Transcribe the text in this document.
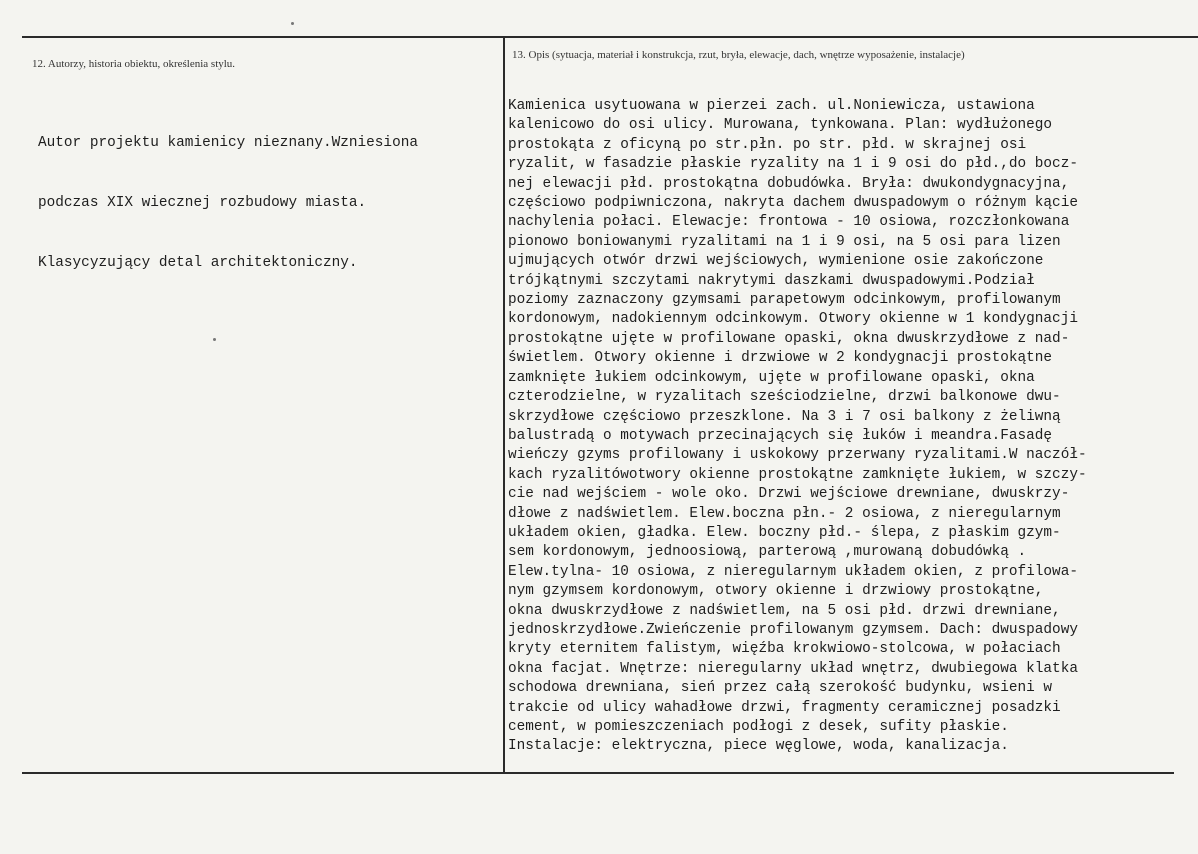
12. Autorzy, historia obiektu, określenia stylu.
13. Opis (sytuacja, materiał i konstrukcja, rzut, bryła, elewacje, dach, wnętrze wyposażenie, instalacje)

Autor projektu kamienicy nieznany.Wzniesiona

podczas XIX wiecznej rozbudowy miasta.

Klasycyzujący detal architektoniczny.

Kamienica usytuowana w pierzei zach. ul.Noniewicza, ustawiona
kalenicowo do osi ulicy. Murowana, tynkowana. Plan: wydłużonego
prostokąta z oficyną po str.płn. po str. płd. w skrajnej osi
ryzalit, w fasadzie płaskie ryzality na 1 i 9 osi do płd.,do bocz-
nej elewacji płd. prostokątna dobudówka. Bryła: dwukondygnacyjna,
częściowo podpiwniczona, nakryta dachem dwuspadowym o różnym kącie
nachylenia połaci. Elewacje: frontowa - 10 osiowa, rozczłonkowana
pionowo boniowanymi ryzalitami na 1 i 9 osi, na 5 osi para lizen
ujmujących otwór drzwi wejściowych, wymienione osie zakończone
trójkątnymi szczytami nakrytymi daszkami dwuspadowymi.Podział
poziomy zaznaczony gzymsami parapetowym odcinkowym, profilowanym
kordonowym, nadokiennym odcinkowym. Otwory okienne w 1 kondygnacji
prostokątne ujęte w profilowane opaski, okna dwuskrzydłowe z nad-
świetlem. Otwory okienne i drzwiowe w 2 kondygnacji prostokątne
zamknięte łukiem odcinkowym, ujęte w profilowane opaski, okna
czterodzielne, w ryzalitach sześciodzielne, drzwi balkonowe dwu-
skrzydłowe częściowo przeszklone. Na 3 i 7 osi balkony z żeliwną
balustradą o motywach przecinających się łuków i meandra.Fasadę
wieńczy gzyms profilowany i uskokowy przerwany ryzalitami.W naczół-
kach ryzalitówotwory okienne prostokątne zamknięte łukiem, w szczy-
cie nad wejściem - wole oko. Drzwi wejściowe drewniane, dwuskrzy-
dłowe z nadświetlem. Elew.boczna płn.- 2 osiowa, z nieregularnym
układem okien, gładka. Elew. boczny płd.- ślepa, z płaskim gzym-
sem kordonowym, jednoosiową, parterową ,murowaną dobudówką .
Elew.tylna- 10 osiowa, z nieregularnym układem okien, z profilowa-
nym gzymsem kordonowym, otwory okienne i drzwiowy prostokątne,
okna dwuskrzydłowe z nadświetlem, na 5 osi płd. drzwi drewniane,
jednoskrzydłowe.Zwieńczenie profilowanym gzymsem. Dach: dwuspadowy
kryty eternitem falistym, więźba krokwiowo-stolcowa, w połaciach
okna facjat. Wnętrze: nieregularny układ wnętrz, dwubiegowa klatka
schodowa drewniana, sień przez całą szerokość budynku, wsieni w
trakcie od ulicy wahadłowe drzwi, fragmenty ceramicznej posadzki
cement, w pomieszczeniach podłogi z desek, sufity płaskie.
Instalacje: elektryczna, piece węglowe, woda, kanalizacja.
